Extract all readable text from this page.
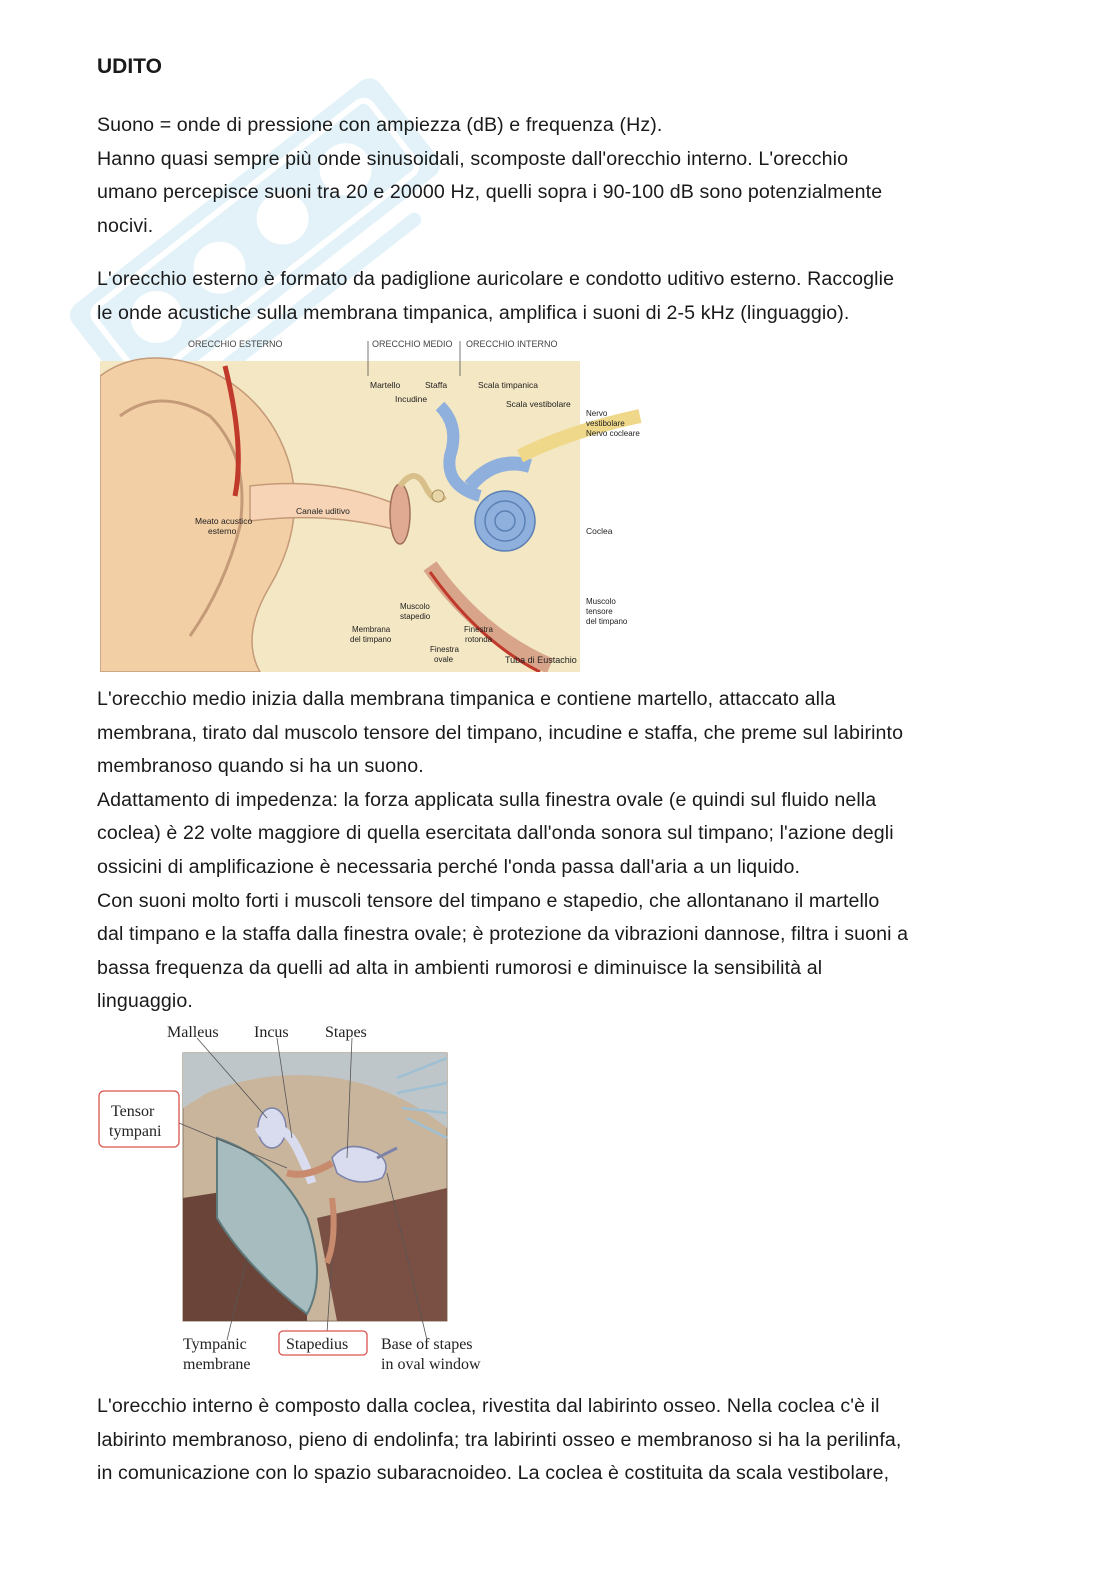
UDITO

Suono = onde di pressione con ampiezza (dB) e frequenza (Hz).
Hanno quasi sempre più onde sinusoidali, scomposte dall'orecchio interno. L'orecchio
umano percepisce suoni tra 20 e 20000 Hz, quelli sopra i 90-100 dB sono potenzialmente
nocivi.

L'orecchio esterno è formato da padiglione auricolare e condotto uditivo esterno. Raccoglie
le onde acustiche sulla membrana timpanica, amplifica i suoni di 2-5 kHz (linguaggio).

ORECCHIO ESTERNO	ORECCHIO MEDIO ORECCHIO INTERNO
Martello	Staffa
Incudine
Scala timpanica
Scala vestibolare
Nervo
vestibolare
Nervo cocleare
Meato acustico
esterno
Canale uditivo
Coclea
Muscolo
tensore
del timpano
Muscolo
stapedio
Membrana
del timpano
Finestra
rotonda
Finestra
ovale	Tuba di Eustachio

L'orecchio medio inizia dalla membrana timpanica e contiene martello, attaccato alla
membrana, tirato dal muscolo tensore del timpano, incudine e staffa, che preme sul labirinto
membranoso quando si ha un suono.
Adattamento di impedenza: la forza applicata sulla finestra ovale (e quindi sul fluido nella
coclea) è 22 volte maggiore di quella esercitata dall'onda sonora sul timpano; l'azione degli
ossicini di amplificazione è necessaria perché l'onda passa dall'aria a un liquido.
Con suoni molto forti i muscoli tensore del timpano e stapedio, che allontanano il martello
dal timpano e la staffa dalla finestra ovale; è protezione da vibrazioni dannose, filtra i suoni a
bassa frequenza da quelli ad alta in ambienti rumorosi e diminuisce la sensibilità al
linguaggio.

Malleus Incus Stapes
Tensor
tympani
Tympanic
membrane
Stapedius Base of stapes
in oval window

L'orecchio interno è composto dalla coclea, rivestita dal labirinto osseo. Nella coclea c'è il
labirinto membranoso, pieno di endolinfa; tra labirinti osseo e membranoso si ha la perilinfa,
in comunicazione con lo spazio subaracnoideo. La coclea è costituita da scala vestibolare,
